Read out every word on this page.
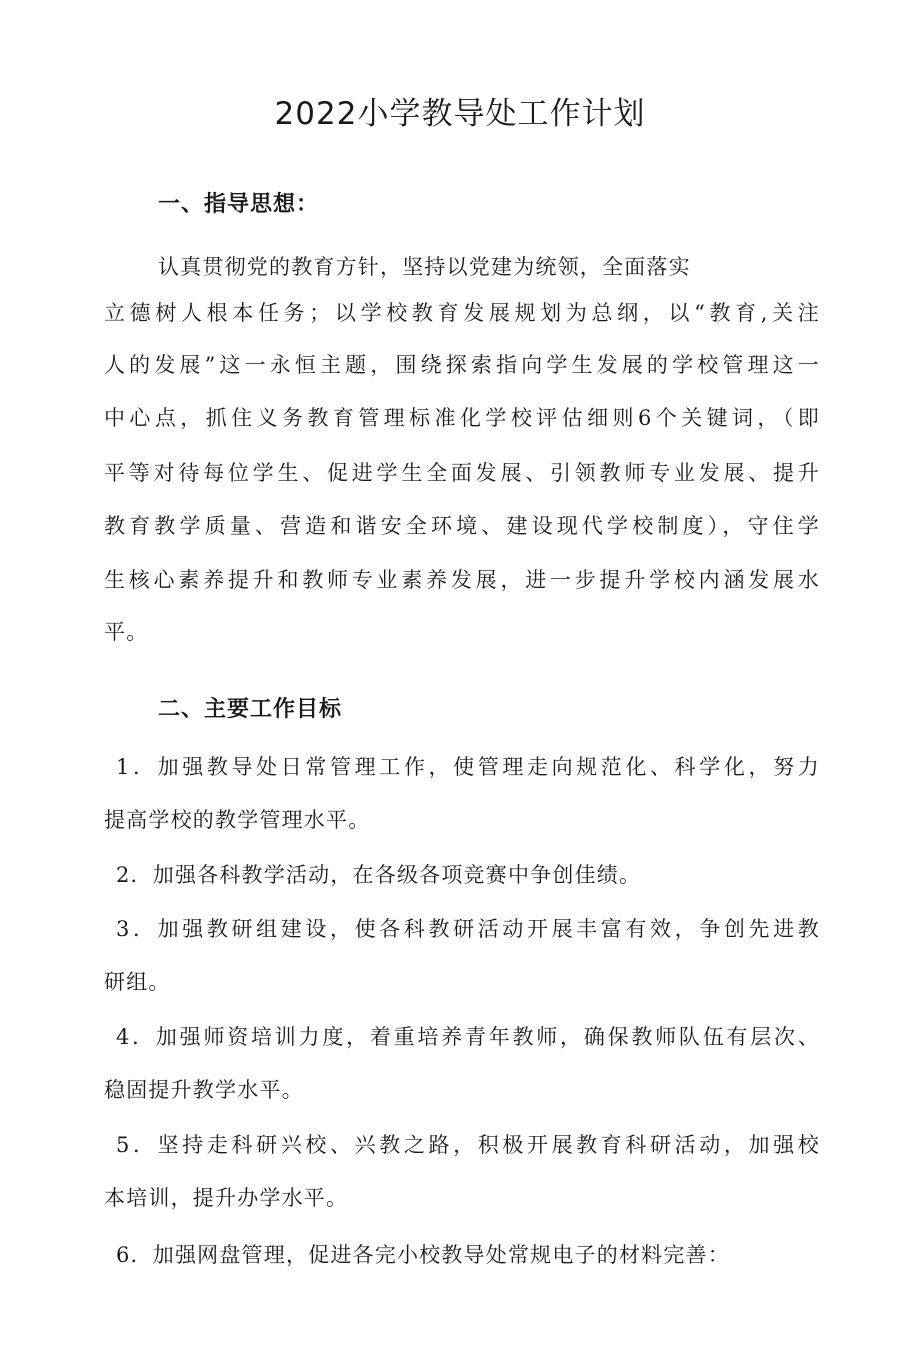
2022小学教导处工作计划
一、指导思想：
认真贯彻党的教育方针，坚持以党建为统领，全面落实
立德树人根本任务；以学校教育发展规划为总纲，以“教育,关注
人的发展”这一永恒主题，围绕探索指向学生发展的学校管理这一
中心点，抓住义务教育管理标准化学校评估细则6个关键词，（即
平等对待每位学生、促进学生全面发展、引领教师专业发展、提升
教育教学质量、营造和谐安全环境、建设现代学校制度），守住学
生核心素养提升和教师专业素养发展，进一步提升学校内涵发展水
平。
二、主要工作目标
1．加强教导处日常管理工作，使管理走向规范化、科学化，努力
提高学校的教学管理水平。
2．加强各科教学活动，在各级各项竞赛中争创佳绩。
3．加强教研组建设，使各科教研活动开展丰富有效，争创先进教
研组。
4．加强师资培训力度，着重培养青年教师，确保教师队伍有层次、
稳固提升教学水平。
5．坚持走科研兴校、兴教之路，积极开展教育科研活动，加强校
本培训，提升办学水平。
6．加强网盘管理，促进各完小校教导处常规电子的材料完善：
